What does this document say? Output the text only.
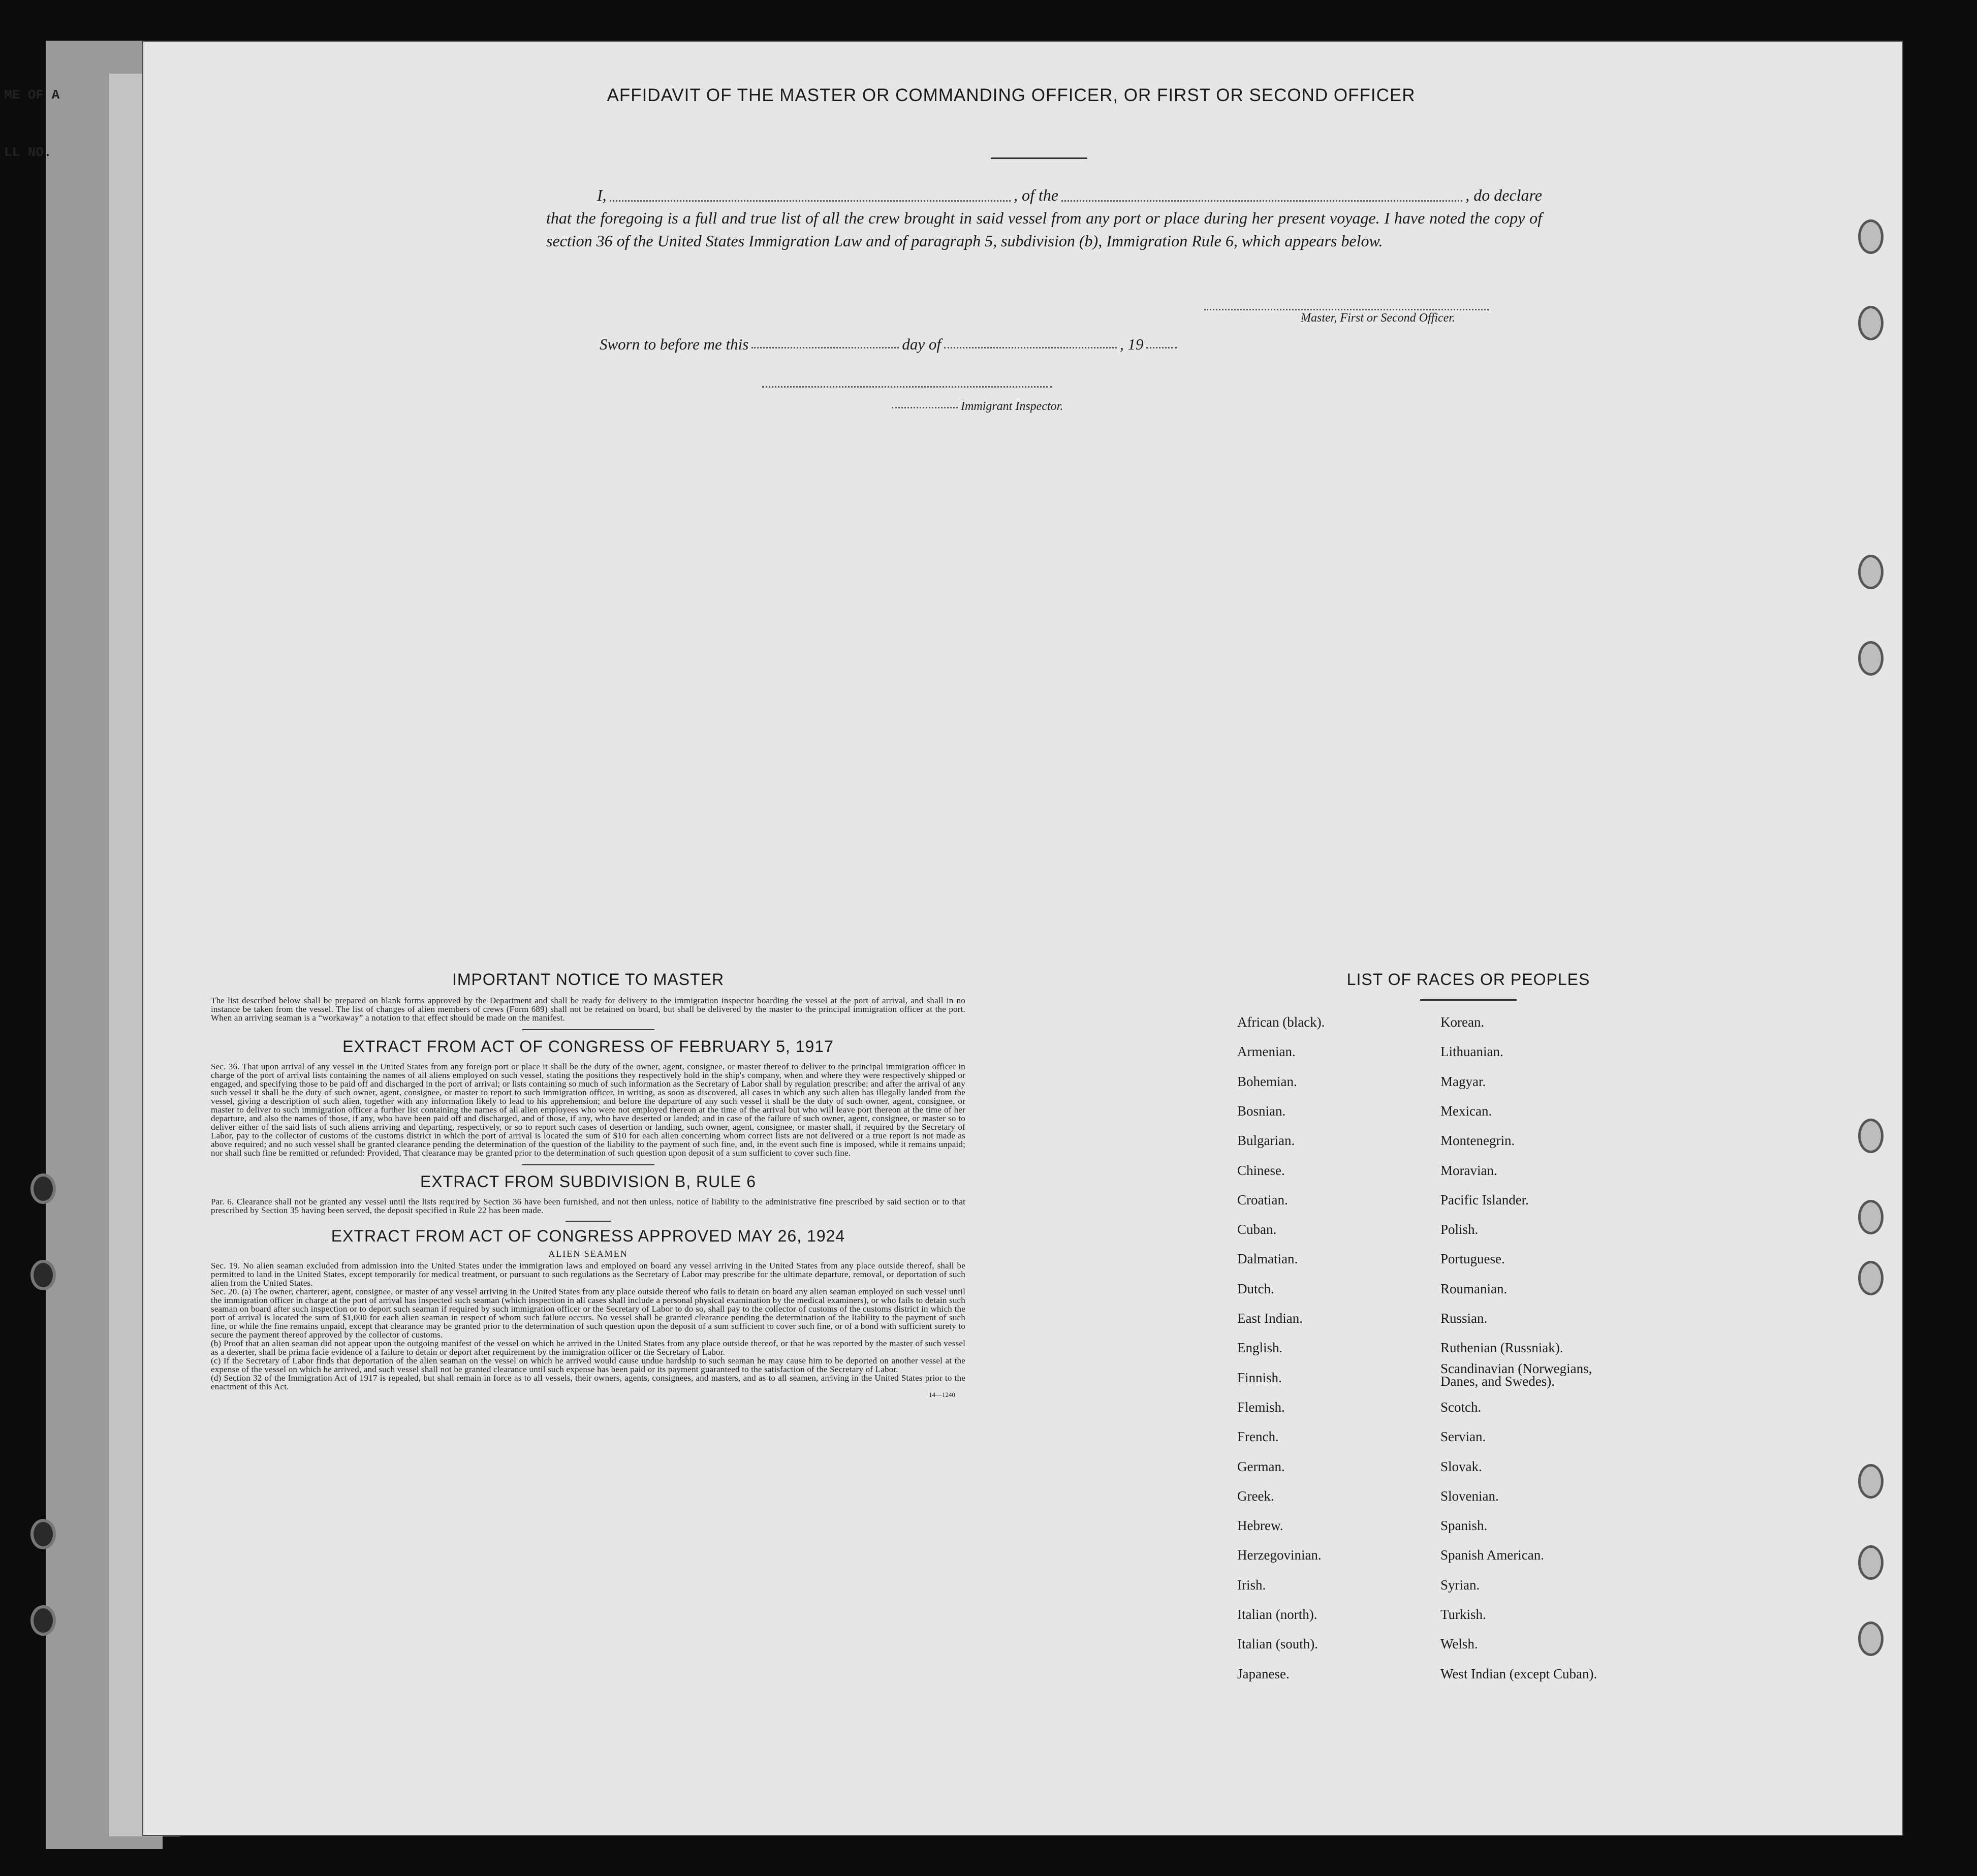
ME OF A
LL NO.
AFFIDAVIT OF THE MASTER OR COMMANDING OFFICER, OR FIRST OR SECOND OFFICER
I,	, of the	, do declare

that the foregoing is a full and true list of all the crew brought in said vessel from any port or place during her present voyage. I have noted the copy of section 36 of the United States Immigration Law and of paragraph 5, subdivision (b), Immigration Rule 6, which appears below.

Master, First or Second Officer.
Sworn to before me this	day of	, 19
Immigrant Inspector.
IMPORTANT NOTICE TO MASTER

The list described below shall be prepared on blank forms approved by the Department and shall be ready for delivery to the immigration inspector boarding the vessel at the port of arrival, and shall in no instance be taken from the vessel. The list of changes of alien members of crews (Form 689) shall not be retained on board, but shall be delivered by the master to the principal immigration officer at the port. When an arriving seaman is a “workaway” a notation to that effect should be made on the manifest.

EXTRACT FROM ACT OF CONGRESS OF FEBRUARY 5, 1917

Sec. 36. That upon arrival of any vessel in the United States from any foreign port or place it shall be the duty of the owner, agent, consignee, or master thereof to deliver to the principal immigration officer in charge of the port of arrival lists containing the names of all aliens employed on such vessel, stating the positions they respectively hold in the ship's company, when and where they were respectively shipped or engaged, and specifying those to be paid off and discharged in the port of arrival; or lists containing so much of such information as the Secretary of Labor shall by regulation prescribe; and after the arrival of any such vessel it shall be the duty of such owner, agent, consignee, or master to report to such immigration officer, in writing, as soon as discovered, all cases in which any such alien has illegally landed from the vessel, giving a description of such alien, together with any information likely to lead to his apprehension; and before the departure of any such vessel it shall be the duty of such owner, agent, consignee, or master to deliver to such immigration officer a further list containing the names of all alien employees who were not employed thereon at the time of the arrival but who will leave port thereon at the time of her departure, and also the names of those, if any, who have been paid off and discharged, and of those, if any, who have deserted or landed; and in case of the failure of such owner, agent, consignee, or master so to deliver either of the said lists of such aliens arriving and departing, respectively, or so to report such cases of desertion or landing, such owner, agent, consignee, or master shall, if required by the Secretary of Labor, pay to the collector of customs of the customs district in which the port of arrival is located the sum of $10 for each alien concerning whom correct lists are not delivered or a true report is not made as above required; and no such vessel shall be granted clearance pending the determination of the question of the liability to the payment of such fine, and, in the event such fine is imposed, while it remains unpaid; nor shall such fine be remitted or refunded: Provided, That clearance may be granted prior to the determination of such question upon deposit of a sum sufficient to cover such fine.

EXTRACT FROM SUBDIVISION B, RULE 6

Par. 6. Clearance shall not be granted any vessel until the lists required by Section 36 have been furnished, and not then unless, notice of liability to the administrative fine prescribed by said section or to that prescribed by Section 35 having been served, the deposit specified in Rule 22 has been made.

EXTRACT FROM ACT OF CONGRESS APPROVED MAY 26, 1924
ALIEN SEAMEN

Sec. 19. No alien seaman excluded from admission into the United States under the immigration laws and employed on board any vessel arriving in the United States from any place outside thereof, shall be permitted to land in the United States, except temporarily for medical treatment, or pursuant to such regulations as the Secretary of Labor may prescribe for the ultimate departure, removal, or deportation of such alien from the United States.

Sec. 20. (a) The owner, charterer, agent, consignee, or master of any vessel arriving in the United States from any place outside thereof who fails to detain on board any alien seaman employed on such vessel until the immigration officer in charge at the port of arrival has inspected such seaman (which inspection in all cases shall include a personal physical examination by the medical examiners), or who fails to detain such seaman on board after such inspection or to deport such seaman if required by such immigration officer or the Secretary of Labor to do so, shall pay to the collector of customs of the customs district in which the port of arrival is located the sum of $1,000 for each alien seaman in respect of whom such failure occurs. No vessel shall be granted clearance pending the determination of the liability to the payment of such fine, or while the fine remains unpaid, except that clearance may be granted prior to the determination of such question upon the deposit of a sum sufficient to cover such fine, or of a bond with sufficient surety to secure the payment thereof approved by the collector of customs.

(b) Proof that an alien seaman did not appear upon the outgoing manifest of the vessel on which he arrived in the United States from any place outside thereof, or that he was reported by the master of such vessel as a deserter, shall be prima facie evidence of a failure to detain or deport after requirement by the immigration officer or the Secretary of Labor.

(c) If the Secretary of Labor finds that deportation of the alien seaman on the vessel on which he arrived would cause undue hardship to such seaman he may cause him to be deported on another vessel at the expense of the vessel on which he arrived, and such vessel shall not be granted clearance until such expense has been paid or its payment guaranteed to the satisfaction of the Secretary of Labor.

(d) Section 32 of the Immigration Act of 1917 is repealed, but shall remain in force as to all vessels, their owners, agents, consignees, and masters, and as to all seamen, arriving in the United States prior to the enactment of this Act.

14—1240
LIST OF RACES OR PEOPLES
African (black).
Armenian.
Bohemian.
Bosnian.
Bulgarian.
Chinese.
Croatian.
Cuban.
Dalmatian.
Dutch.
East Indian.
English.
Finnish.
Flemish.
French.
German.
Greek.
Hebrew.
Herzegovinian.
Irish.
Italian (north).
Italian (south).
Japanese.
Korean.
Lithuanian.
Magyar.
Mexican.
Montenegrin.
Moravian.
Pacific Islander.
Polish.
Portuguese.
Roumanian.
Russian.
Ruthenian (Russniak).
Scandinavian (Norwegians,
Danes, and Swedes).
Scotch.
Servian.
Slovak.
Slovenian.
Spanish.
Spanish American.
Syrian.
Turkish.
Welsh.
West Indian (except Cuban).
